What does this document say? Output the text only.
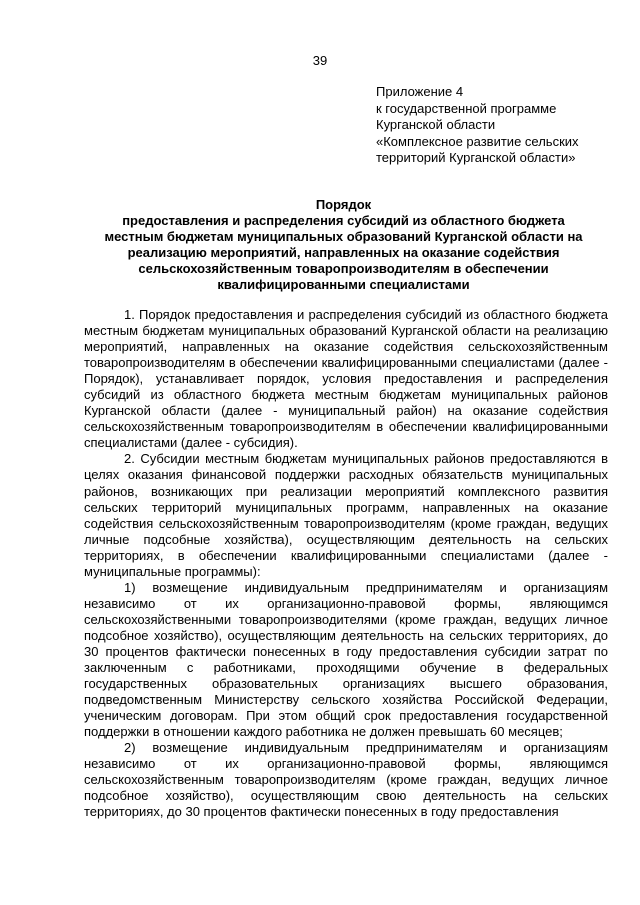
39
Приложение 4
к государственной программе
Курганской области
«Комплексное развитие сельских
территорий Курганской области»
Порядок
предоставления и распределения субсидий из областного бюджета
местным бюджетам муниципальных образований Курганской области на
реализацию мероприятий, направленных на оказание содействия
сельскохозяйственным товаропроизводителям в обеспечении
квалифицированными специалистами

1. Порядок предоставления и распределения субсидий из областного бюджета местным бюджетам муниципальных образований Курганской области на реализацию мероприятий, направленных на оказание содействия сельскохозяйственным товаропроизводителям в обеспечении квалифицированными специалистами (далее - Порядок), устанавливает порядок, условия предоставления и распределения субсидий из областного бюджета местным бюджетам муниципальных районов Курганской области (далее - муниципальный район) на оказание содействия сельскохозяйственным товаропроизводителям в обеспечении квалифицированными специалистами (далее - субсидия).

2. Субсидии местным бюджетам муниципальных районов предоставляются в целях оказания финансовой поддержки расходных обязательств муниципальных районов, возникающих при реализации мероприятий комплексного развития сельских территорий муниципальных программ, направленных на оказание содействия сельскохозяйственным товаропроизводителям (кроме граждан, ведущих личные подсобные хозяйства), осуществляющим деятельность на сельских территориях, в обеспечении квалифицированными специалистами (далее - муниципальные программы):

1) возмещение индивидуальным предпринимателям и организациям независимо от их организационно-правовой формы, являющимся сельскохозяйственными товаропроизводителями (кроме граждан, ведущих личное подсобное хозяйство), осуществляющим деятельность на сельских территориях, до 30 процентов фактически понесенных в году предоставления субсидии затрат по заключенным с работниками, проходящими обучение в федеральных государственных образовательных организациях высшего образования, подведомственным Министерству сельского хозяйства Российской Федерации, ученическим договорам. При этом общий срок предоставления государственной поддержки в отношении каждого работника не должен превышать 60 месяцев;

2) возмещение индивидуальным предпринимателям и организациям независимо от их организационно-правовой формы, являющимся сельскохозяйственным товаропроизводителям (кроме граждан, ведущих личное подсобное хозяйство), осуществляющим свою деятельность на сельских территориях, до 30 процентов фактически понесенных в году предоставления
